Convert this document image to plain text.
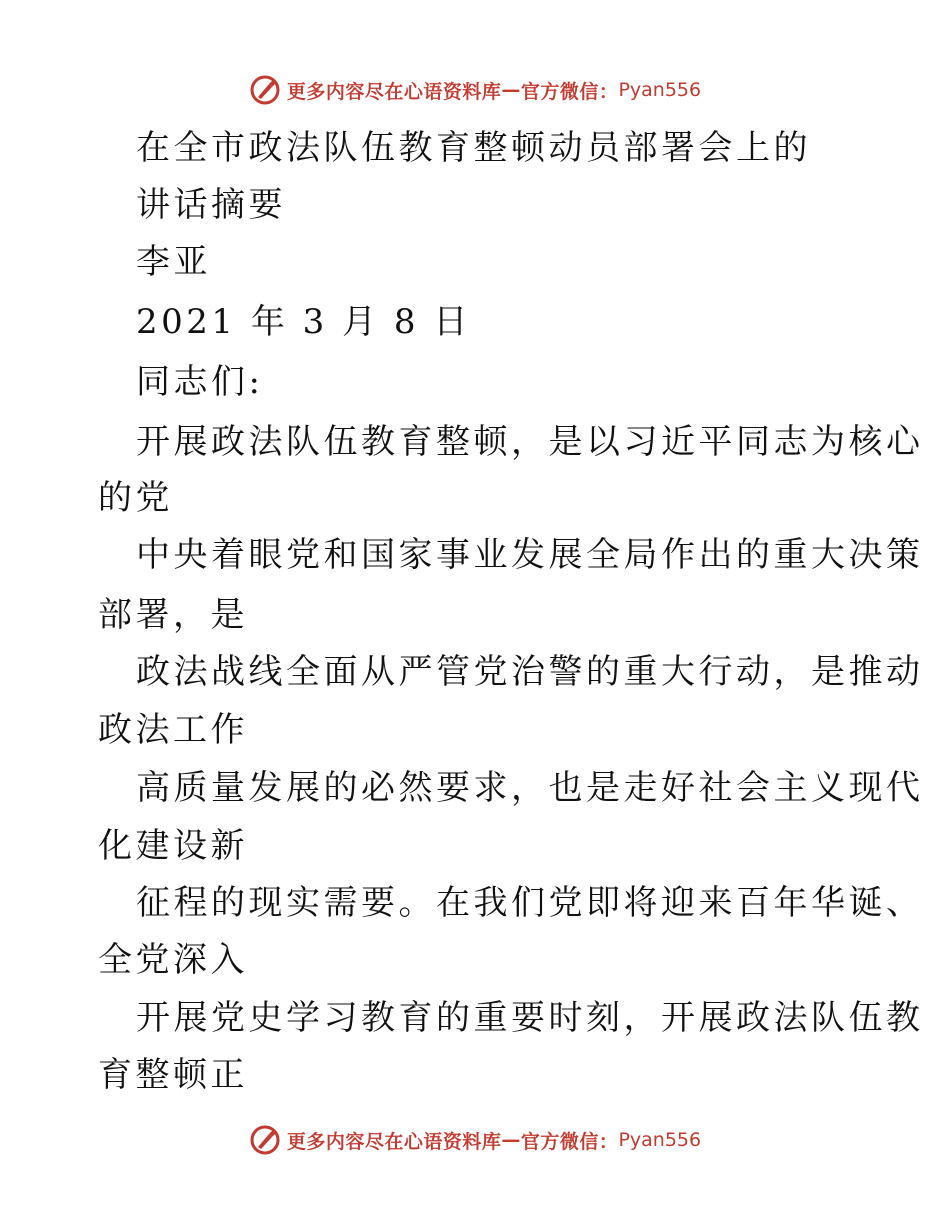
更多内容尽在心语资料库 — 官方微信： Pyan556
在全市政法队伍教育整顿动员部署会上的
讲话摘要
李亚
2021 年 3 月 8 日
同志们:
开展政法队伍教育整顿，是以习近平同志为核心
的党
中央着眼党和国家事业发展全局作出的重大决策
部署，是
政法战线全面从严管党治警的重大行动，是推动
政法工作
高质量发展的必然要求，也是走好社会主义现代
化建设新
征程的现实需要。在我们党即将迎来百年华诞、
全党深入
开展党史学习教育的重要时刻，开展政法队伍教
育整顿正
更多内容尽在心语资料库 — 官方微信： Pyan556
